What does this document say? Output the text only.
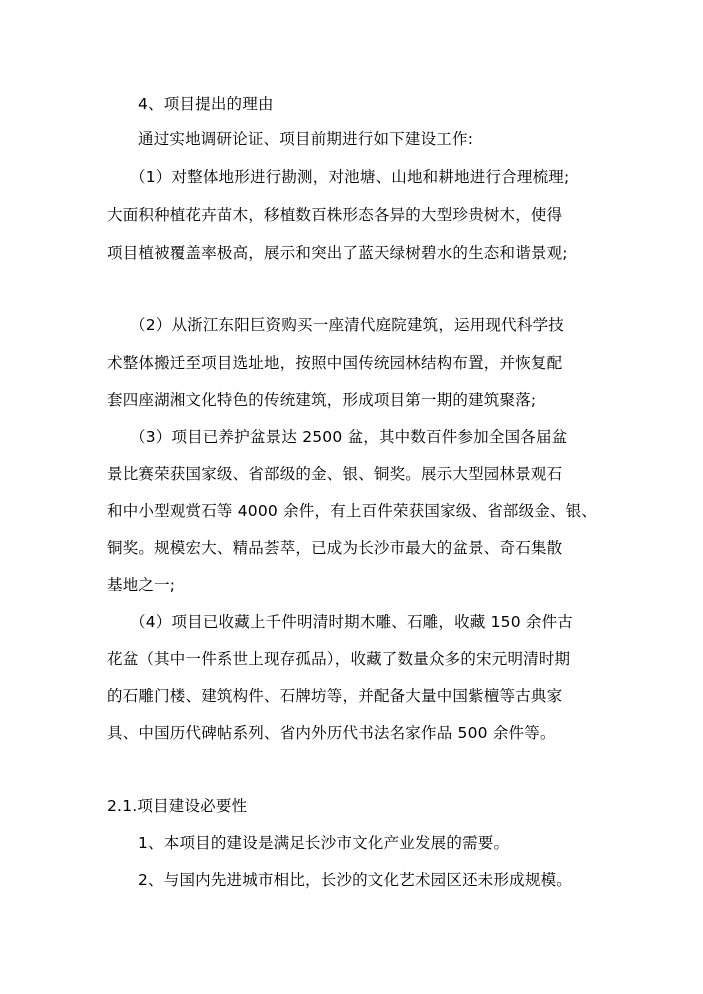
4、项目提出的理由

通过实地调研论证、项目前期进行如下建设工作:

（1）对整体地形进行勘测，对池塘、山地和耕地进行合理梳理;

大面积种植花卉苗木，移植数百株形态各异的大型珍贵树木，使得

项目植被覆盖率极高，展示和突出了蓝天绿树碧水的生态和谐景观;

（2）从浙江东阳巨资购买一座清代庭院建筑，运用现代科学技

术整体搬迁至项目选址地，按照中国传统园林结构布置，并恢复配

套四座湖湘文化特色的传统建筑，形成项目第一期的建筑聚落;

（3）项目已养护盆景达 2500 盆，其中数百件参加全国各届盆

景比赛荣获国家级、省部级的金、银、铜奖。展示大型园林景观石

和中小型观赏石等 4000 余件，有上百件荣获国家级、省部级金、银、

铜奖。规模宏大、精品荟萃，已成为长沙市最大的盆景、奇石集散

基地之一;

（4）项目已收藏上千件明清时期木雕、石雕，收藏 150 余件古

花盆（其中一件系世上现存孤品），收藏了数量众多的宋元明清时期

的石雕门楼、建筑构件、石牌坊等，并配备大量中国紫檀等古典家

具、中国历代碑帖系列、省内外历代书法名家作品 500 余件等。

2.1.项目建设必要性

1、本项目的建设是满足长沙市文化产业发展的需要。

2、与国内先进城市相比，长沙的文化艺术园区还未形成规模。
